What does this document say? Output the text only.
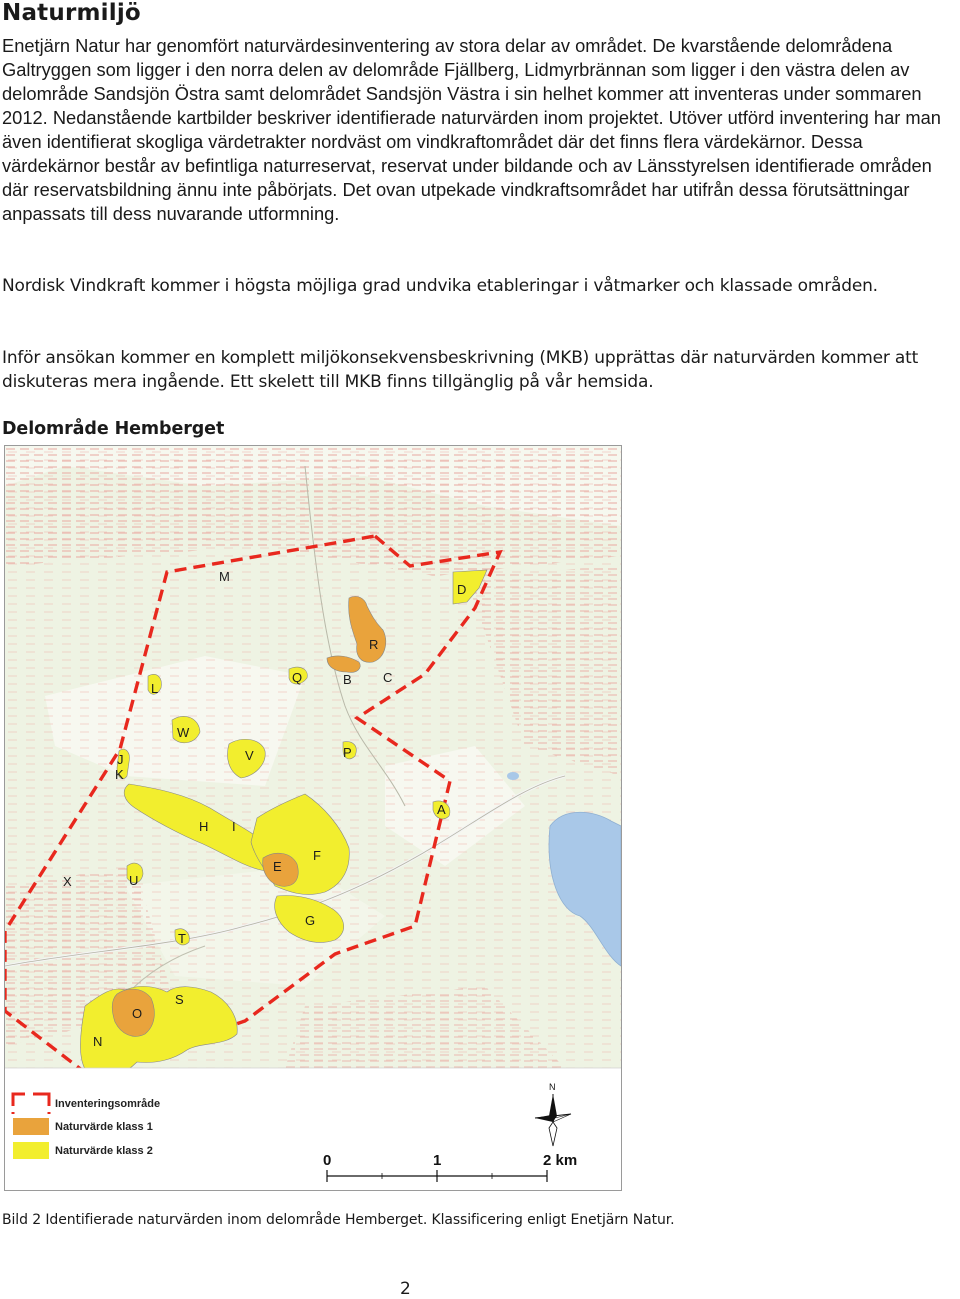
Naturmiljö

Enetjärn Natur har genomfört naturvärdesinventering av stora delar av området. De kvarstående delområdena Galtryggen som ligger i den norra delen av delområde Fjällberg, Lidmyrbrännan som ligger i den västra delen av delområde Sandsjön Östra samt delområdet Sandsjön Västra i sin helhet kommer att inventeras under sommaren 2012. Nedanstående kartbilder beskriver identifierade naturvärden inom projektet. Utöver utförd inventering har man även identifierat skogliga värdetrakter nordväst om vindkraftområdet där det finns flera värdekärnor. Dessa värdekärnor består av befintliga naturreservat, reservat under bildande och av Länsstyrelsen identifierade områden där reservatsbildning ännu inte påbörjats. Det ovan utpekade vindkraftsområdet har utifrån dessa förutsättningar anpassats till dess nuvarande utformning.

Nordisk Vindkraft kommer i högsta möjliga grad undvika etableringar i våtmarker och klassade områden.

Inför ansökan kommer en komplett miljökonsekvensbeskrivning (MKB) upprättas där naturvärden kommer att diskuteras mera ingående. Ett skelett till MKB finns tillgänglig på vår hemsida.

Delområde Hemberget
M
D
R
L
Q	B C
W
V	P
J
K
A
H I
E
F
X	U
G
T
S
O
N
Inventeringsområde
Naturvärde klass 1
Naturvärde klass 2
N
0	1	2 km

Bild 2 Identifierade naturvärden inom delområde Hemberget. Klassificering enligt Enetjärn Natur.

2
